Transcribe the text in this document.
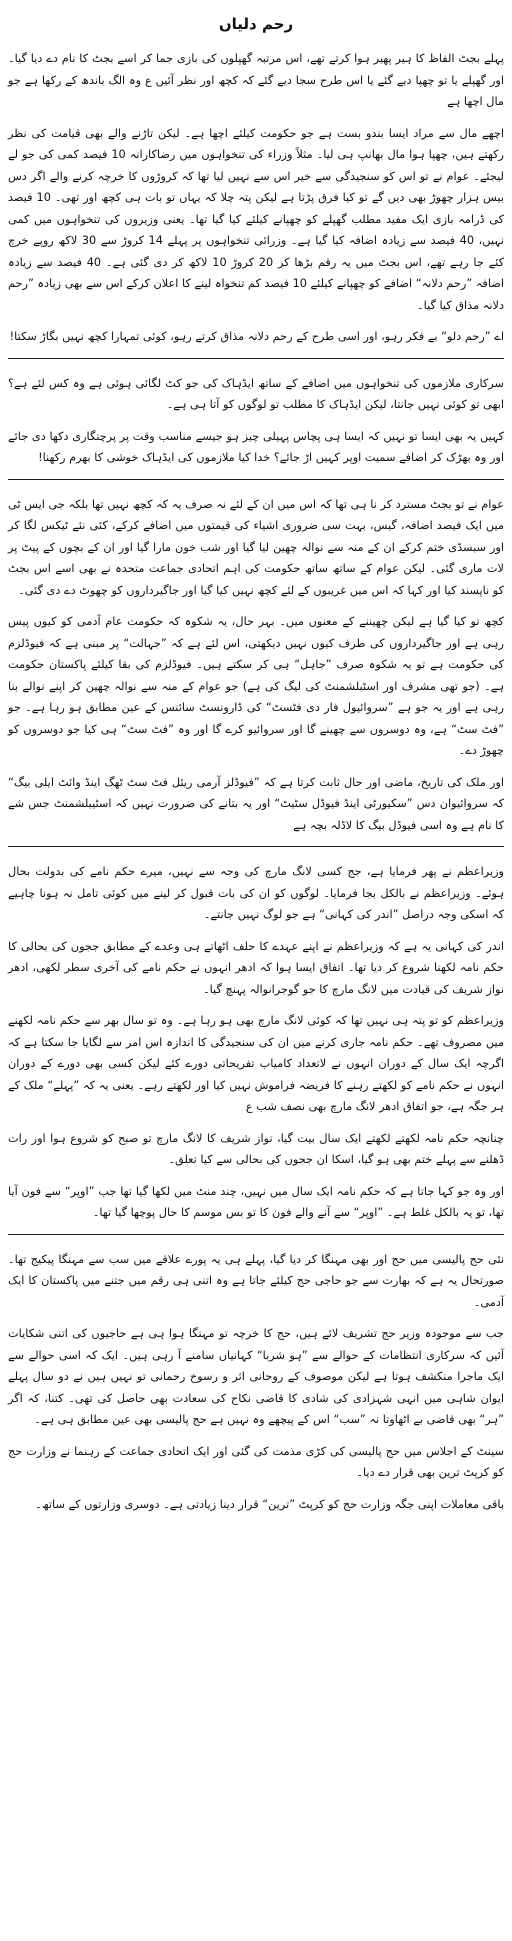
رحم دلیاں

پہلے بجٹ الفاظ کا ہیر پھیر ہوا کرتے تھے، اس مرتبہ گھپلوں کی بازی جما کر اسے بجٹ کا نام دے دیا گیا۔ اور گھپلے یا تو چھپا دیے گئے یا اس طرح سجا دیے گئے کہ کچھ اور نظر آئیں ع وہ الگ باندھ کے رکھا ہے جو مال اچھا ہے

اچھے مال سے مراد ایسا بندو بست ہے جو حکومت کیلئے اچھا ہے۔ لیکن تاڑنے والے بھی قیامت کی نظر رکھتے ہیں، چھپا ہوا مال بھانپ ہی لیا۔ مثلاً وزراء کی تنخواہوں میں رضاکارانہ 10 فیصد کمی کی جو لے لیجئے۔ عوام نے تو اس کو سنجیدگی سے خیر اس سے نہیں لیا تھا کہ کروڑوں کا خرچہ کرنے والے اگر دس بیس ہزار چھوڑ بھی دیں گے تو کیا فرق پڑتا ہے لیکن پتہ چلا کہ یہاں تو بات ہی کچھ اور تھی۔ 10 فیصد کی ڈرامہ بازی ایک مفید مطلب گھپلے کو چھپانے کیلئے کیا گیا تھا۔ یعنی وزیروں کی تنخواہوں میں کمی نہیں، 40 فیصد سے زیادہ اضافہ کیا گیا ہے۔ وزرائی تنخواہوں پر پہلے 14 کروڑ سے 30 لاکھ روپے خرچ کئے جا رہے تھے، اس بجٹ میں یہ رقم بڑھا کر 20 کروڑ 10 لاکھ کر دی گئی ہے۔ 40 فیصد سے زیادہ اضافہ ”رحم دلانہ“ اضافے کو چھپانے کیلئے 10 فیصد کم تنخواہ لینے کا اعلان کرکے اس سے بھی زیادہ ”رحم دلانہ مذاق کیا گیا۔

اے ”رحم دلو“ بے فکر رہو، اور اسی طرح کے رحم دلانہ مذاق کرتے رہو، کوئی تمہارا کچھ نہیں بگاڑ سکتا!

سرکاری ملازموں کی تنخواہوں میں اضافے کے ساتھ ایڈہاک کی جو کٹ لگائی ہوئی ہے وہ کس لئے ہے؟ ابھی تو کوئی نہیں جانتا، لیکن ایڈہاک کا مطلب تو لوگوں کو آتا ہی ہے۔

کہیں یہ بھی ایسا تو نہیں کہ ایسا ہی پچاس پہیلی چیز ہو جیسے مناسب وقت پر پرچنگاری دکھا دی جائے اور وہ بھڑک کر اضافے سمیت اوپر کہیں اڑ جائے؟ خدا کیا ملازموں کی ایڈہاک خوشی کا بھرم رکھنا!

عوام نے تو بجٹ مسترد کر نا ہی تھا کہ اس میں ان کے لئے نہ صرف یہ کہ کچھ نہیں تھا بلکہ جی ایس ٹی میں ایک فیصد اضافہ، گیس، بہت سی ضروری اشیاء کی قیمتوں میں اضافے کرکے، کئی نئے ٹیکس لگا کر اور سبسڈی ختم کرکے ان کے منہ سے نوالہ چھین لیا گیا اور شب خون مارا گیا اور ان کے بچوں کے پیٹ پر لات ماری گئی۔ لیکن عوام کے ساتھ ساتھ حکومت کی اہم اتحادی جماعت متحدہ نے بھی اسے اس بجٹ کو ناپسند کیا اور کہا کہ اس میں غریبوں کے لئے کچھ نہیں کیا گیا اور جاگیرداروں کو چھوٹ دے دی گئی۔

کچھ تو کیا گیا ہے لیکن چھیننے کے معنوں میں۔ بہر حال، یہ شکوہ کہ حکومت عام آدمی کو کیوں پیس رہی ہے اور جاگیرداروں کی طرف کیوں نہیں دیکھتی، اس لئے ہے کہ ”جہالت“ پر مبنی ہے کہ فیوڈلزم کی حکومت ہے تو یہ شکوہ صرف ”جاہل“ ہی کر سکتے ہیں۔ فیوڈلزم کی بقا کیلئے پاکستان حکومت ہے۔ (جو تھی مشرف اور اسٹبلشمنٹ کی لیگ کی ہے) جو عوام کے منہ سے نوالہ چھین کر اپنے نوالے بنا رہی ہے اور یہ جو ہے ”سروائیول فار دی فٹسٹ“ کی ڈارونسٹ سائنس کے عین مطابق ہو رہا ہے۔ جو ”فٹ سٹ“ ہے، وہ دوسروں سے چھینے گا اور سروائیو کرے گا اور وہ ”فٹ سٹ“ ہی کیا جو دوسروں کو چھوڑ دے۔

اور ملک کی تاریخ، ماضی اور حال ثابت کرتا ہے کہ ”فیوڈلز آرمی ریئل فٹ سٹ ٹھگ اینڈ وائٹ ایلی بیگ“ کہ سروائیوان دس ”سکیورٹی اینڈ فیوڈل سٹیٹ“ اور یہ بتانے کی ضرورت نہیں کہ اسٹیبلشمنٹ جس شے کا نام ہے وہ اسی فیوڈل بیگ کا لاڈلہ بچہ ہے

وزیراعظم نے پھر فرمایا ہے، جج کسی لانگ مارچ کی وجہ سے نہیں، میرے حکم نامے کی بدولت بحال ہوئے۔ وزیراعظم نے بالکل بجا فرمایا۔ لوگوں کو ان کی بات قبول کر لینے میں کوئی تامل نہ ہونا چاہیے کہ اسکی وجہ دراصل ”اندر کی کہانی“ ہے جو لوگ نہیں جانتے۔

اندر کی کہانی یہ ہے کہ وزیراعظم نے اپنے عہدے کا حلف اٹھاتے ہی وعدے کے مطابق ججوں کی بحالی کا حکم نامہ لکھنا شروع کر دیا تھا۔ اتفاق ایسا ہوا کہ ادھر انہوں نے حکم نامے کی آخری سطر لکھی، ادھر نواز شریف کی قیادت میں لانگ مارچ کا جو گوجرانوالہ پہنچ گیا۔

وزیراعظم کو تو پتہ ہی نہیں تھا کہ کوئی لانگ مارچ بھی ہو رہا ہے۔ وہ تو سال بھر سے حکم نامہ لکھنے میں مصروف تھے۔ حکم نامہ جاری کرنے میں ان کی سنجیدگی کا اندازہ اس امر سے لگایا جا سکتا ہے کہ اگرچہ ایک سال کے دوران انہوں نے لاتعداد کامیاب تفریحاتی دورے کئے لیکن کسی بھی دورے کے دوران انہوں نے حکم نامے کو لکھتے رہنے کا فریضہ فراموش نہیں کیا اور لکھتے رہے۔ یعنی یہ کہ ”پہلے“ ملک کے ہر جگہ ہے، جو اتفاق ادھر لانگ مارچ بھی نصف شب ع

چنانچہ حکم نامہ لکھتے لکھتے ایک سال بیت گیا، نواز شریف کا لانگ مارچ تو صبح کو شروع ہوا اور رات ڈھلنے سے پہلے ختم بھی ہو گیا، اسکا ان ججوں کی بحالی سے کیا تعلق۔

اور وہ جو کہا جاتا ہے کہ حکم نامہ ایک سال میں نہیں، چند منٹ میں لکھا گیا تھا جب ”اوپر“ سے فون آیا تھا، تو یہ بالکل غلط ہے۔ ”اوپر“ سے آنے والے فون کا تو بس موسم کا حال پوچھا گیا تھا۔

نئی حج پالیسی میں حج اور بھی مہنگا کر دیا گیا، پہلے ہی یہ پورے علاقے میں سب سے مہنگا پیکیج تھا۔ صورتحال یہ ہے کہ بھارت سے جو حاجی حج کیلئے جاتا ہے وہ اتنی ہی رقم میں جتنے میں پاکستان کا ایک آدمی۔

جب سے موجودہ وزیر حج تشریف لائے ہیں، حج کا خرچہ تو مہنگا ہوا ہی ہے حاجیوں کی اتنی شکایات آئیں کہ سرکاری انتظامات کے حوالے سے ”ہو شربا“ کہانیاں سامنے آ رہی ہیں۔ ایک کہ اسی حوالے سے ایک ماجرا منکشف ہوتا ہے لیکن موصوف کے روحانی اثر و رسوخ رحمانی تو نہیں ہیں نے دو سال پہلے ایوان شاہی میں انہی شہزادی کی شادی کا قاضی نکاح کی سعادت بھی حاصل کی تھی۔ کتنا، کہ اگر ”ہر“ بھی قاضی بے اٹھاوتا نہ ”سب“ اس کے پیچھے وہ نہیں ہے حج پالیسی بھی عین مطابق ہی ہے۔

سینٹ کے اجلاس میں حج پالیسی کی کڑی مذمت کی گئی اور ایک اتحادی جماعت کے رہنما نے وزارت حج کو کرپٹ ترین بھی قرار دے دیا۔

باقی معاملات اپنی جگہ وزارت حج کو کرپٹ ”ترین“ قرار دینا زیادتی ہے۔ دوسری وزارتوں کے ساتھ۔
